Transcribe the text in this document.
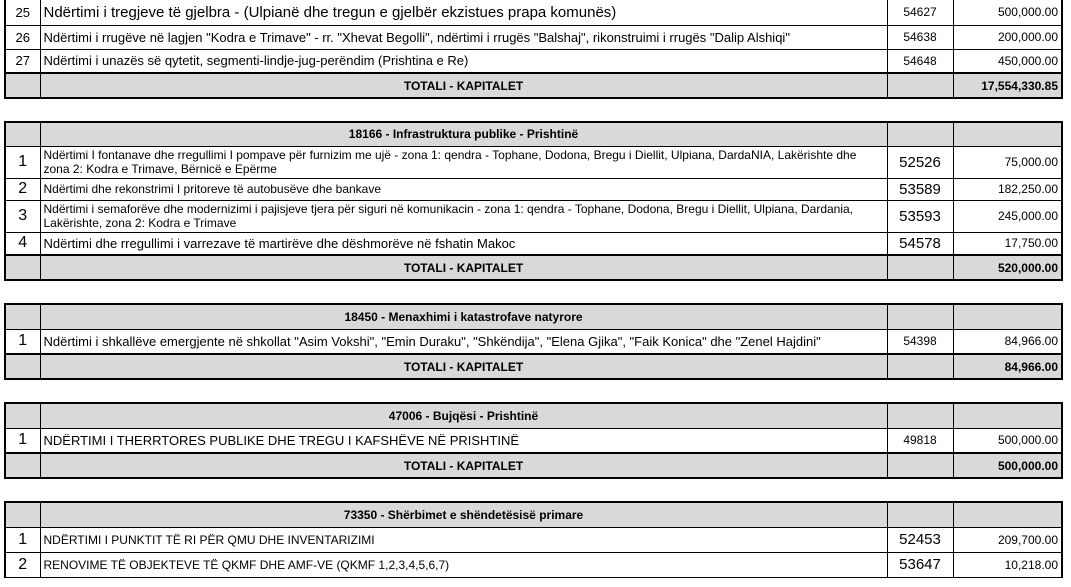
25	Ndërtimi i tregjeve të gjelbra - (Ulpianë dhe tregun e gjelbër ekzistues prapa komunës)	54627	500,000.00
26	Ndërtimi i rrugëve në lagjen "Kodra e Trimave" - rr. "Xhevat Begolli", ndërtimi i rrugës "Balshaj", rikonstruimi i rrugës "Dalip Alshiqi"	54638	200,000.00
27	Ndërtimi i unazës së qytetit, segmenti-lindje-jug-perëndim (Prishtina e Re)	54648	450,000.00
	TOTALI - KAPITALET		17,554,330.85

	18166 - Infrastruktura publike - Prishtinë		
1	Ndërtimi I fontanave dhe rregullimi I pompave për furnizim me ujë - zona 1: qendra - Tophane, Dodona, Bregu i Diellit, Ulpiana, DardaNIA, Lakërishte dhe zona 2: Kodra e Trimave, Bërnicë e Epërme	52526	75,000.00
2	Ndërtimi dhe rekonstrimi I pritoreve të autobusëve dhe bankave	53589	182,250.00
3	Ndërtimi i semaforëve dhe modernizimi i pajisjeve tjera për siguri në komunikacin - zona 1: qendra - Tophane, Dodona, Bregu i Diellit, Ulpiana, Dardania, Lakërishte, zona 2: Kodra e Trimave	53593	245,000.00
4	Ndërtimi dhe rregullimi i varrezave të martirëve dhe dëshmorëve në fshatin Makoc	54578	17,750.00
	TOTALI - KAPITALET		520,000.00

	18450 - Menaxhimi i katastrofave natyrore		
1	Ndërtimi i shkallëve emergjente në shkollat "Asim Vokshi", "Emin Duraku", "Shkëndija", "Elena Gjika", "Faik Konica" dhe "Zenel Hajdini"	54398	84,966.00
	TOTALI - KAPITALET		84,966.00

	47006 - Bujqësi - Prishtinë		
1	NDËRTIMI I THERRTORES PUBLIKE DHE TREGU I KAFSHËVE NË PRISHTINË	49818	500,000.00
	TOTALI - KAPITALET		500,000.00

	73350 - Shërbimet e shëndetësisë primare		
1	NDËRTIMI I PUNKTIT TË RI PËR QMU DHE INVENTARIZIMI	52453	209,700.00
2	RENOVIME TË OBJEKTEVE TË QKMF DHE AMF-VE (QKMF 1,2,3,4,5,6,7)	53647	10,218.00
